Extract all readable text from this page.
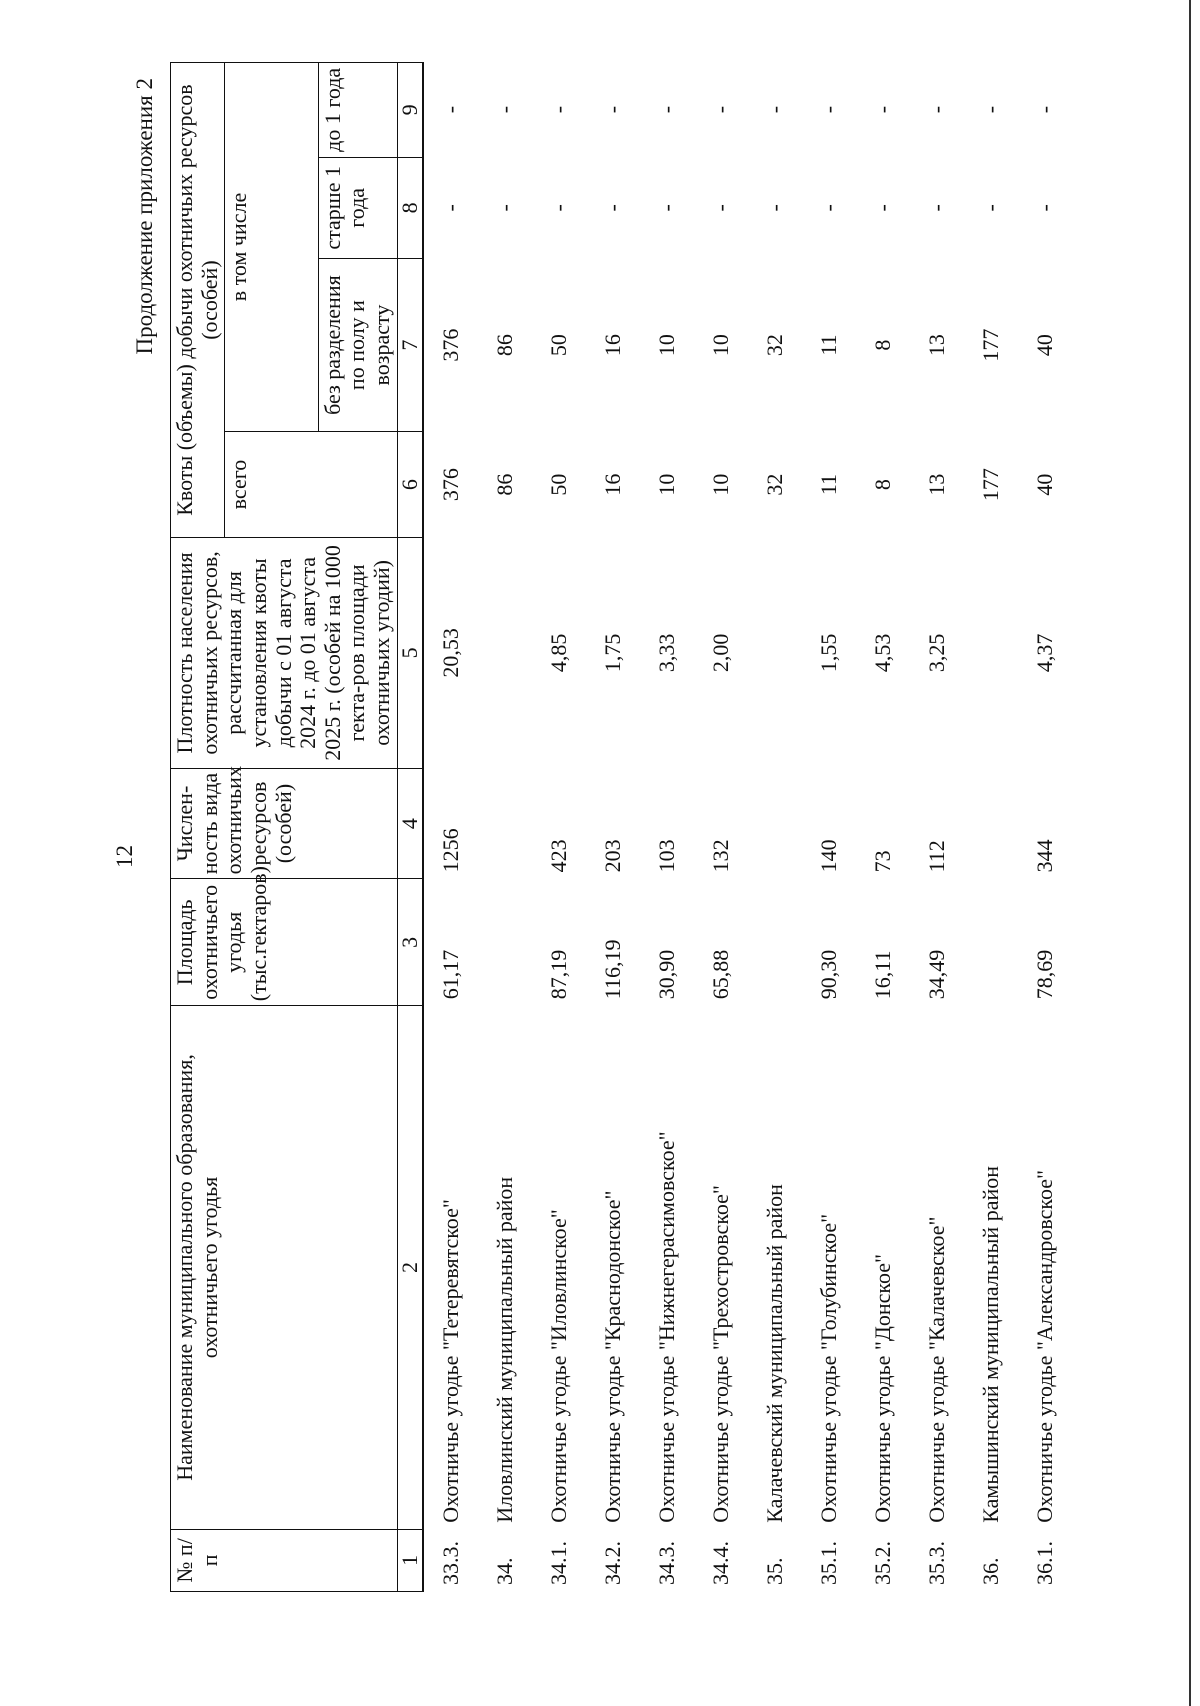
12
Продолжение приложения 2
№ п/п	Наименование муниципального образования, охотничьего угодья	Площадь охотничьего угодья (тыс.гектаров)	Числен-ность вида охотничьих ресурсов (особей)	Плотность населения охотничьих ресурсов, рассчитанная для установления квоты добычи с 01 августа 2024 г. до 01 августа 2025 г. (особей на 1000 гекта-ров площади охотничьих угодий)	Квоты (объемы) добычи охотничьих ресурсов (особей)			
					всего	в том числе		
						без разделения по полу и возрасту	старше 1 года	до 1 года
1	2	3	4	5	6	7	8	9
33.3.	Охотничье угодье "Тетеревятское"	61,17	1256	20,53	376	376	-	-
34.	Иловлинский муниципальный район				86	86	-	-
34.1.	Охотничье угодье "Иловлинское"	87,19	423	4,85	50	50	-	-
34.2.	Охотничье угодье "Краснодонское"	116,19	203	1,75	16	16	-	-
34.3.	Охотничье угодье "Нижнегерасимовское"	30,90	103	3,33	10	10	-	-
34.4.	Охотничье угодье "Трехостровское"	65,88	132	2,00	10	10	-	-
35.	Калачевский муниципальный район				32	32	-	-
35.1.	Охотничье угодье "Голубинское"	90,30	140	1,55	11	11	-	-
35.2.	Охотничье угодье "Донское"	16,11	73	4,53	8	8	-	-
35.3.	Охотничье угодье "Калачевское"	34,49	112	3,25	13	13	-	-
36.	Камышинский муниципальный район				177	177	-	-
36.1.	Охотничье угодье "Александровское"	78,69	344	4,37	40	40	-	-
